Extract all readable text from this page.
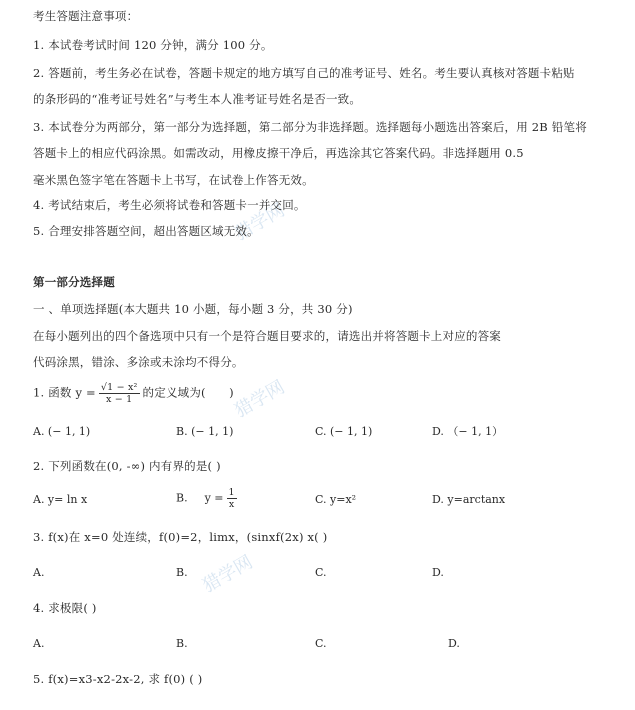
猎学网
猎学网
猎学网
考生答题注意事项：
1. 本试卷考试时间 120 分钟，满分 100 分。
2. 答题前，考生务必在试卷，答题卡规定的地方填写自己的准考证号、姓名。考生要认真核对答题卡粘贴
的条形码的“准考证号姓名”与考生本人准考证号姓名是否一致。
3. 本试卷分为两部分，第一部分为选择题，第二部分为非选择题。选择题每小题选出答案后，用 2B 铅笔将
答题卡上的相应代码涂黑。如需改动，用橡皮擦干净后，再选涂其它答案代码。非选择题用 0.5
毫米黑色签字笔在答题卡上书写，在试卷上作答无效。
4. 考试结束后，考生必须将试卷和答题卡一并交回。
5. 合理安排答题空间，超出答题区域无效。
第一部分选择题
一 、单项选择题(本大题共 10 小题，每小题 3 分，共 30 分)
在每小题列出的四个备选项中只有一个是符合题目要求的，请选出并将答题卡上对应的答案
代码涂黑，错涂、多涂或未涂均不得分。
1. 函数 $y = \frac{\text{√1 − x²}}{x - 1}$ 的定义域为(　　)
A. (− 1, 1)	B. (− 1, 1)	C. (− 1, 1)	D. （− 1, 1）
2. 下列函数在(0, ‑∞) 内有界的是( )
A. y= ln x	B. $y = \frac{1}{x}$	C. y=x²	D. y=arctanx
3. f(x)在 x=0 处连续，f(0)=2，limx，(sinxf(2x) x( )
A.	B.	C.	D.
4. 求极限( )
A.	B.	C.	D.
5. f(x)=x3-x2-2x-2, 求 f(0) ( )
